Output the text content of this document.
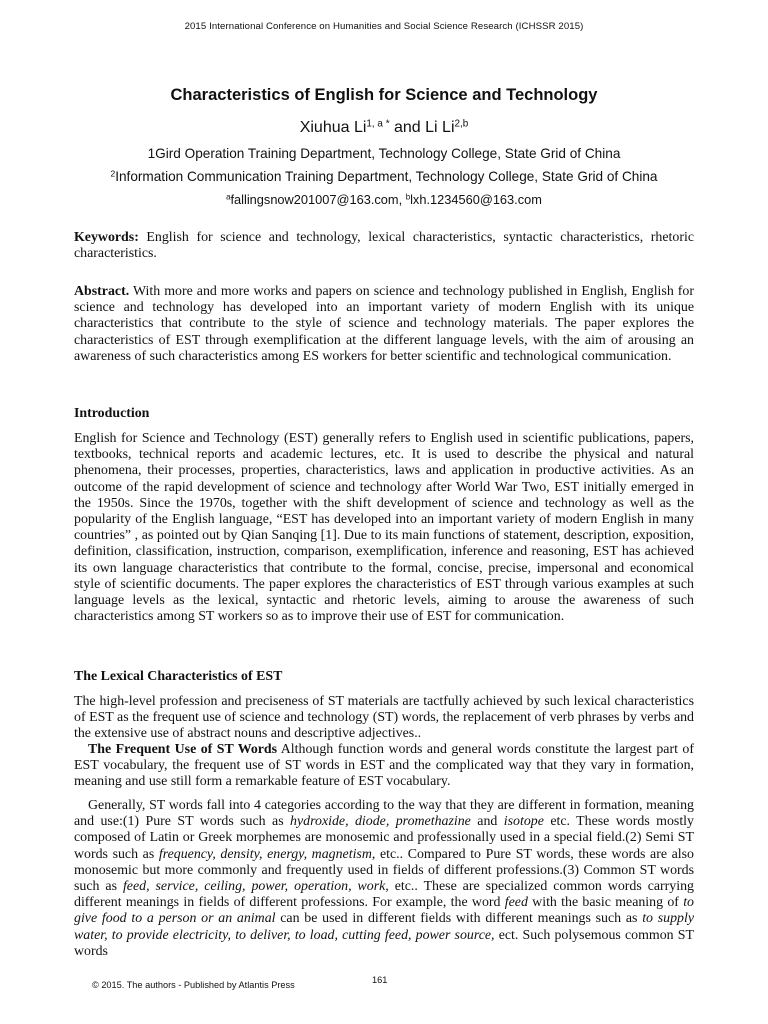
2015 International Conference on Humanities and Social Science Research (ICHSSR 2015)
Characteristics of English for Science and Technology
Xiuhua $Li^{1, a *}$ and Li Li$^{2,b}$
1Gird Operation Training Department, Technology College, State Grid of China
$^2$Information Communication Training Department, Technology College, State Grid of China
$^a$fallingsnow201007@163.com, $^b$lxh.1234560@163.com
Keywords: English for science and technology, lexical characteristics, syntactic characteristics, rhetoric characteristics.
Abstract. With more and more works and papers on science and technology published in English, English for science and technology has developed into an important variety of modern English with its unique characteristics that contribute to the style of science and technology materials. The paper explores the characteristics of EST through exemplification at the different language levels, with the aim of arousing an awareness of such characteristics among ES workers for better scientific and technological communication.
Introduction
English for Science and Technology (EST) generally refers to English used in scientific publications, papers, textbooks, technical reports and academic lectures, etc. It is used to describe the physical and natural phenomena, their processes, properties, characteristics, laws and application in productive activities. As an outcome of the rapid development of science and technology after World War Two, EST initially emerged in the 1950s. Since the 1970s, together with the shift development of science and technology as well as the popularity of the English language, “EST has developed into an important variety of modern English in many countries” , as pointed out by Qian Sanqing [1]. Due to its main functions of statement, description, exposition, definition, classification, instruction, comparison, exemplification, inference and reasoning, EST has achieved its own language characteristics that contribute to the formal, concise, precise, impersonal and economical style of scientific documents. The paper explores the characteristics of EST through various examples at such language levels as the lexical, syntactic and rhetoric levels, aiming to arouse the awareness of such characteristics among ST workers so as to improve their use of EST for communication.
The Lexical Characteristics of EST
The high-level profession and preciseness of ST materials are tactfully achieved by such lexical characteristics of EST as the frequent use of science and technology (ST) words, the replacement of verb phrases by verbs and the extensive use of abstract nouns and descriptive adjectives..
The Frequent Use of ST Words Although function words and general words constitute the largest part of EST vocabulary, the frequent use of ST words in EST and the complicated way that they vary in formation, meaning and use still form a remarkable feature of EST vocabulary.
Generally, ST words fall into 4 categories according to the way that they are different in formation, meaning and use:(1) Pure ST words such as hydroxide, diode, promethazine and isotope etc. These words mostly composed of Latin or Greek morphemes are monosemic and professionally used in a special field.(2) Semi ST words such as frequency, density, energy, magnetism, etc.. Compared to Pure ST words, these words are also monosemic but more commonly and frequently used in fields of different professions.(3) Common ST words such as feed, service, ceiling, power, operation, work, etc.. These are specialized common words carrying different meanings in fields of different professions. For example, the word feed with the basic meaning of to give food to a person or an animal can be used in different fields with different meanings such as to supply water, to provide electricity, to deliver, to load, cutting feed, power source, ect. Such polysemous common ST words
© 2015. The authors - Published by Atlantis Press	161
